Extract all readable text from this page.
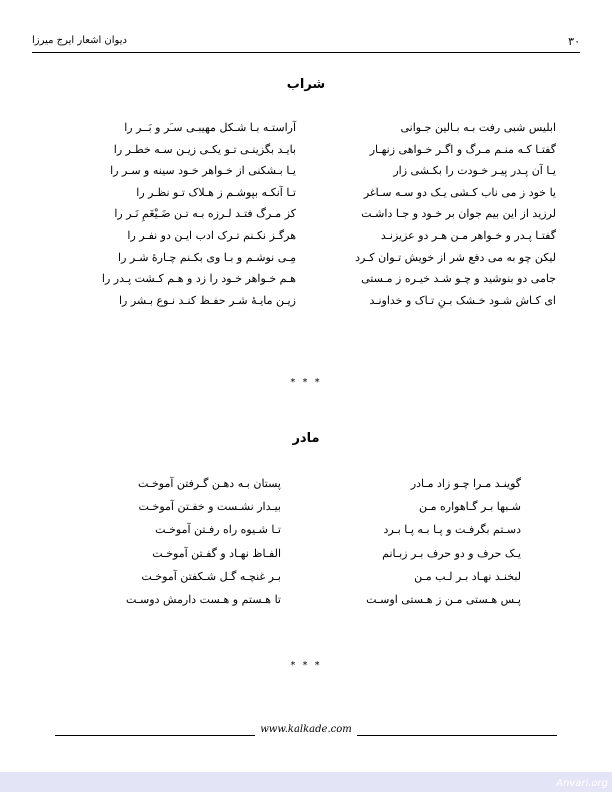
۳۰
دیوان اشعار ایرج میرزا
شراب
ابلیس شبی رفت بـه بـالین جـوانی
آراستـه بـا شـکل مهیبـی سـَر و بَــر را
گفتـا کـه منـم مـرگ و اگـر خـواهی زنهـار
بایـد بگزینـی تـو یکـی زیـن سـه خطـر را
یـا آن پـدر پیـر خـودت را بکـشی زار
یـا بـشکنی از خـواهر خـود سینه و سـر را
یا خود ز می ناب کـشی یـک دو سـه سـاغر
تـا آنکـه بپوشـم ز هـلاک تـو نظـر را
لرزید از این بیم جوان بر خـود و جـا داشـت
کز مـرگ فتـد لـرزه بـه تـن ضَـیْغَمِ نَـر را
گفتـا پـدر و خـواهر مـن هـر دو عزیزنـد
هرگـز نکـنم تـرک ادب ایـن دو نفـر را
لیکن چو به می دفع شر از خویش تـوان کـرد
مِـی نوشـم و بـا وی بکـنم چـارۀ شـر را
جامی دو بنوشید و چـو شـد خیـره ز مـستی
هـم خـواهر خـود را زد و هـم کـشت پـدر را
ای کـاش شـود خـشک بـنِ تـاک و خداونـد
زیـن مایـۀ شـر حفـظ کنـد نـوع بـشر را
* * *
مادر
گوینـد مـرا چـو زاد مـادر
پستان بـه دهـن گـرفتن آموخـت
شـبها بـر گـاهواره مـن
بیـدار نشـست و خفـتن آموخـت
دسـتم بگرفـت و پـا بـه پـا بـرد
تـا شـیوه راه رفـتن آموخـت
یـک حرف و دو حرف بـر زبـانم
الفـاظ نهـاد و گفـتن آموخـت
لبخنـد نهـاد بـر لـب مـن
بـر غنچـه گـل شـکفتن آموخـت
پـس هـستی مـن ز هـستی اوسـت
تا هـستم و هـست دارمش دوسـت
* * *
www.kalkade.com
Anvari.org
